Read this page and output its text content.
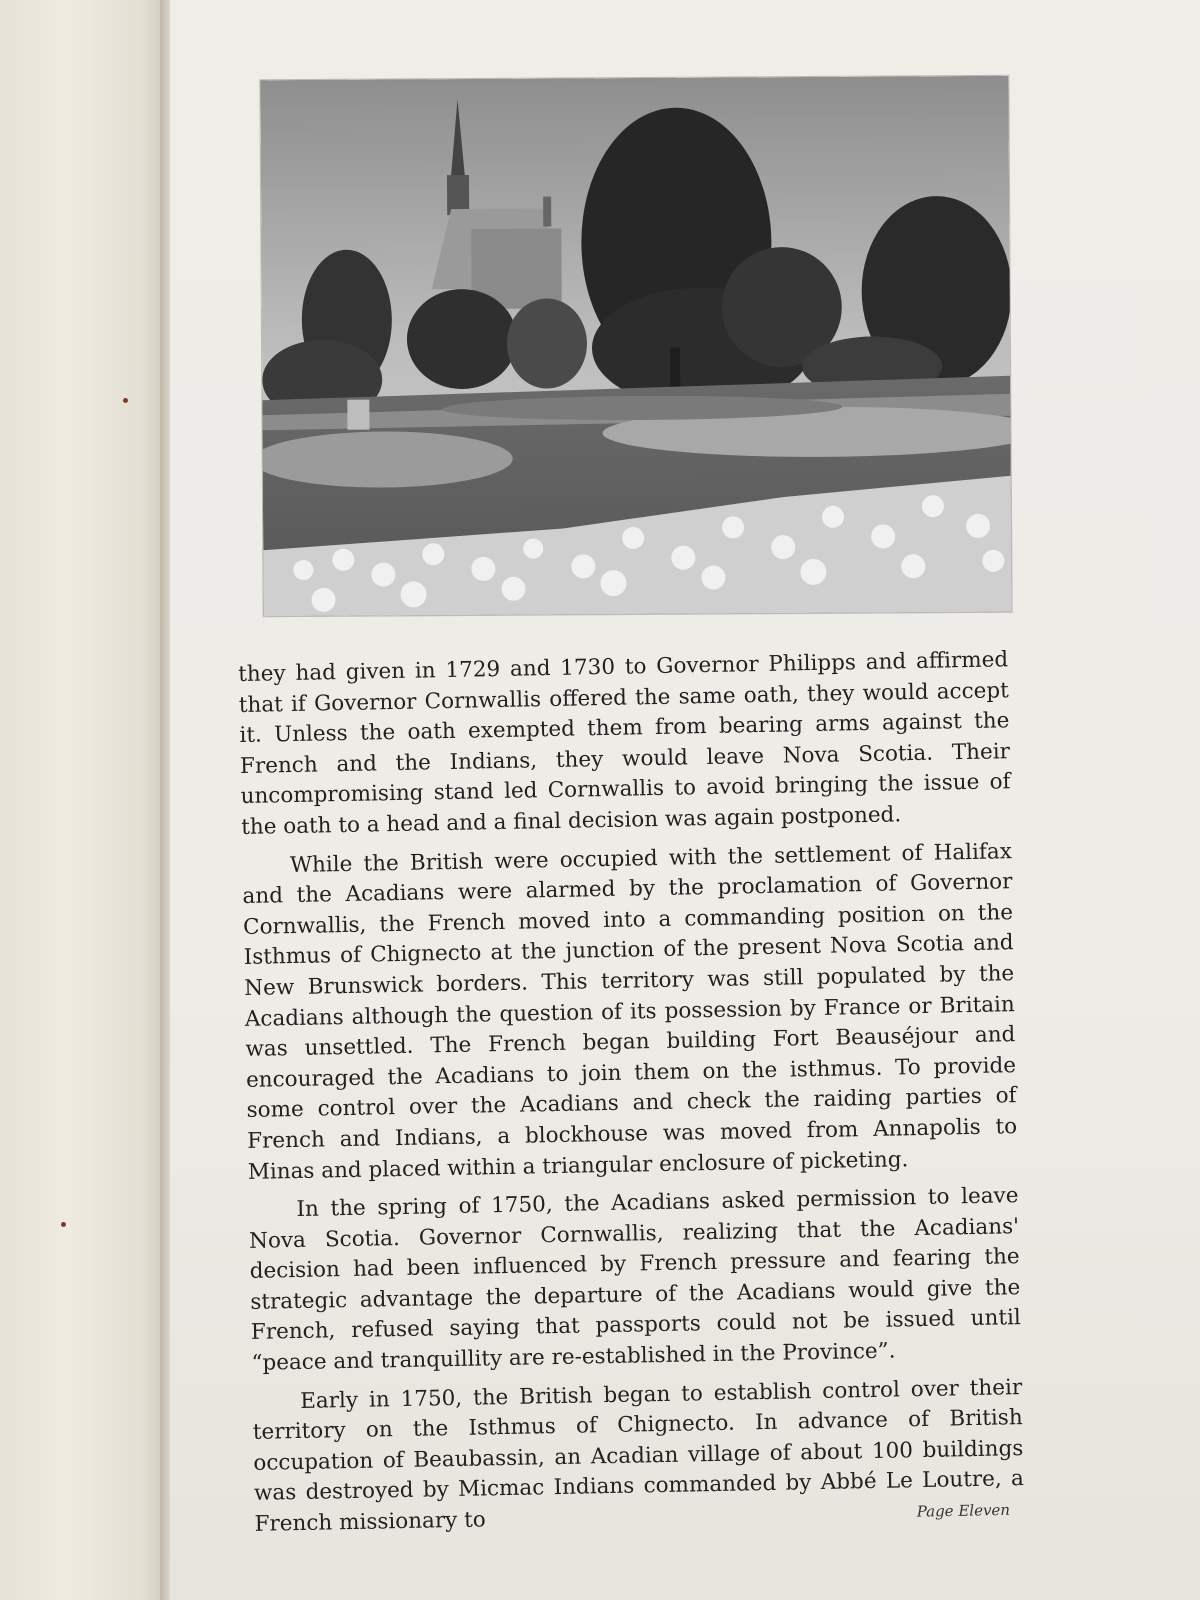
they had given in 1729 and 1730 to Governor Philipps and affirmed that if Governor Cornwallis offered the same oath, they would accept it. Unless the oath exempted them from bearing arms against the French and the Indians, they would leave Nova Scotia. Their uncompromising stand led Cornwallis to avoid bringing the issue of the oath to a head and a final decision was again postponed.

While the British were occupied with the settlement of Halifax and the Acadians were alarmed by the proclamation of Governor Cornwallis, the French moved into a commanding position on the Isthmus of Chignecto at the junction of the present Nova Scotia and New Brunswick borders. This territory was still populated by the Acadians although the question of its possession by France or Britain was unsettled. The French began building Fort Beauséjour and encouraged the Acadians to join them on the isthmus. To provide some control over the Acadians and check the raiding parties of French and Indians, a blockhouse was moved from Annapolis to Minas and placed within a triangular enclosure of picketing.

In the spring of 1750, the Acadians asked permission to leave Nova Scotia. Governor Cornwallis, realizing that the Acadians' decision had been influenced by French pressure and fearing the strategic advantage the departure of the Acadians would give the French, refused saying that passports could not be issued until “peace and tranquillity are re-established in the Province”.

Early in 1750, the British began to establish control over their territory on the Isthmus of Chignecto. In advance of British occupation of Beaubassin, an Acadian village of about 100 buildings was destroyed by Micmac Indians commanded by Abbé Le Loutre, a French missionary to	Page Eleven
